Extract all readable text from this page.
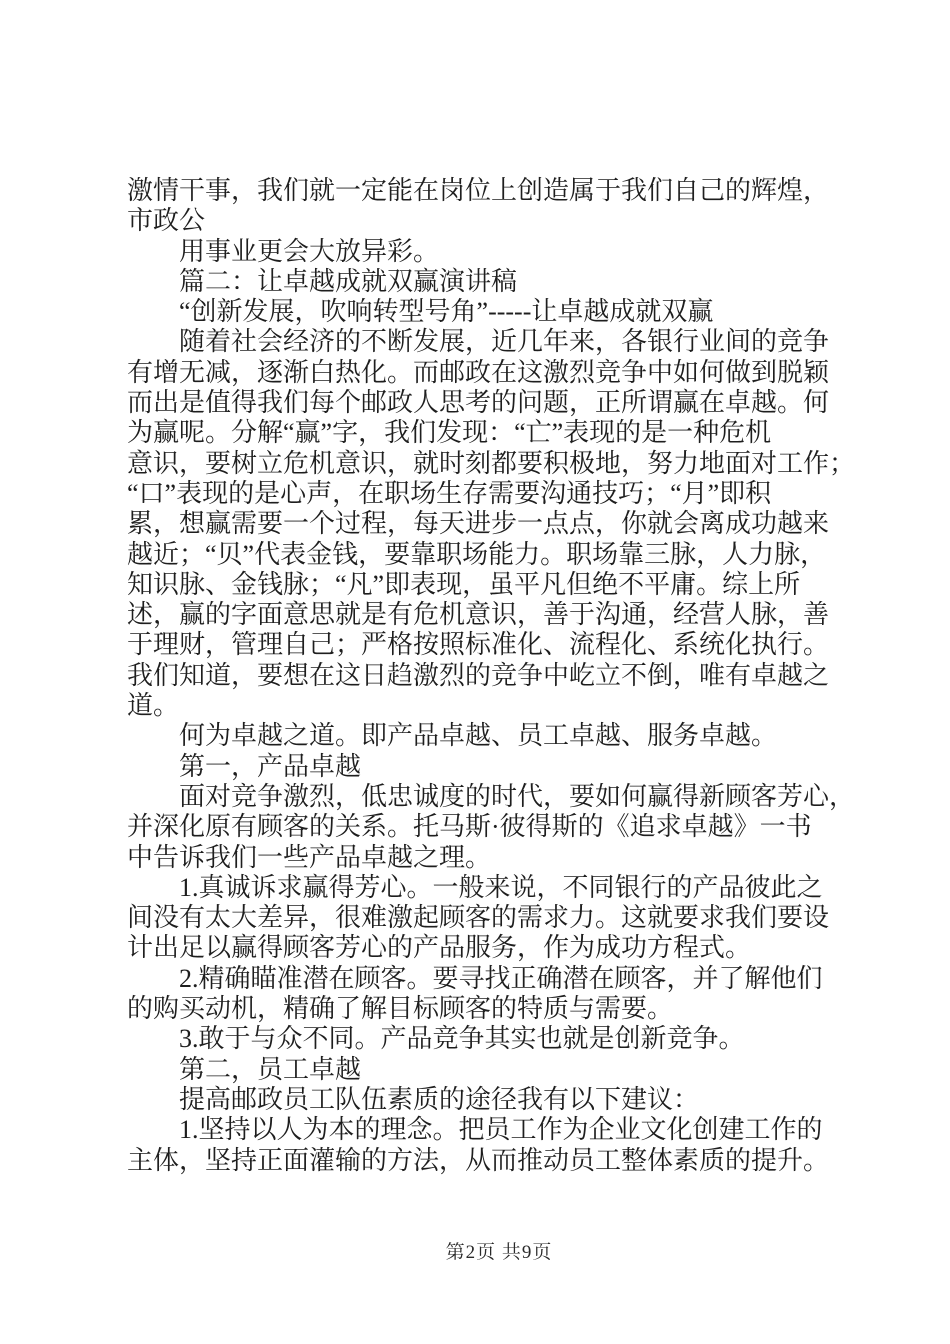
激情干事，我们就一定能在岗位上创造属于我们自己的辉煌，
市政公
用事业更会大放异彩。
篇二：让卓越成就双赢演讲稿
“创新发展，吹响转型号角”-----让卓越成就双赢
随着社会经济的不断发展，近几年来，各银行业间的竞争
有增无减，逐渐白热化。而邮政在这激烈竞争中如何做到脱颖
而出是值得我们每个邮政人思考的问题，正所谓赢在卓越。何
为赢呢。分解“赢”字，我们发现：“亡”表现的是一种危机
意识，要树立危机意识，就时刻都要积极地，努力地面对工作；
“口”表现的是心声，在职场生存需要沟通技巧；“月”即积
累，想赢需要一个过程，每天进步一点点，你就会离成功越来
越近；“贝”代表金钱，要靠职场能力。职场靠三脉，人力脉，
知识脉、金钱脉；“凡”即表现，虽平凡但绝不平庸。综上所
述，赢的字面意思就是有危机意识，善于沟通，经营人脉，善
于理财，管理自己；严格按照标准化、流程化、系统化执行。
我们知道，要想在这日趋激烈的竞争中屹立不倒，唯有卓越之
道。
何为卓越之道。即产品卓越、员工卓越、服务卓越。
第一，产品卓越
面对竞争激烈，低忠诚度的时代，要如何赢得新顾客芳心，
并深化原有顾客的关系。托马斯·彼得斯的《追求卓越》一书
中告诉我们一些产品卓越之理。
1.真诚诉求赢得芳心。一般来说，不同银行的产品彼此之
间没有太大差异，很难激起顾客的需求力。这就要求我们要设
计出足以赢得顾客芳心的产品服务，作为成功方程式。
2.精确瞄准潜在顾客。要寻找正确潜在顾客，并了解他们
的购买动机，精确了解目标顾客的特质与需要。
3.敢于与众不同。产品竞争其实也就是创新竞争。
第二，员工卓越
提高邮政员工队伍素质的途径我有以下建议：
1.坚持以人为本的理念。把员工作为企业文化创建工作的
主体，坚持正面灌输的方法，从而推动员工整体素质的提升。
第2页 共9页
